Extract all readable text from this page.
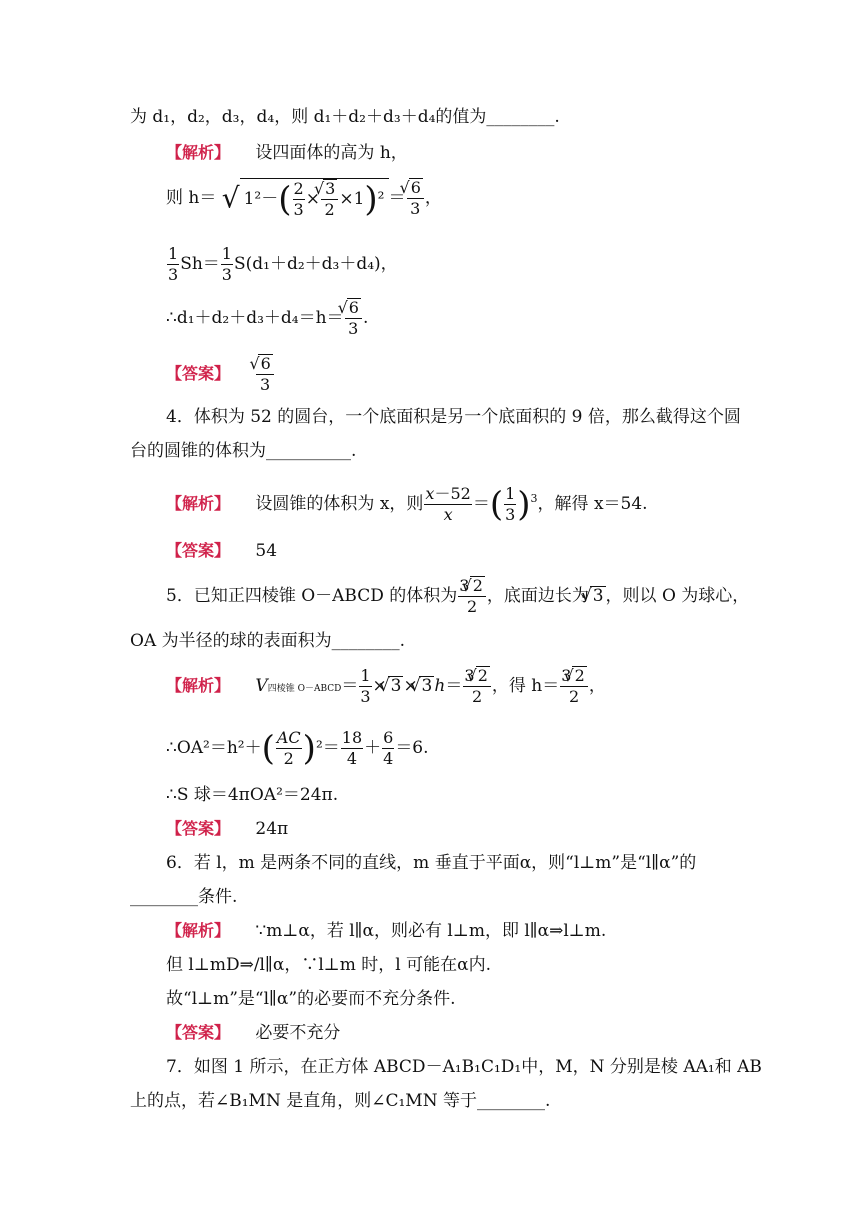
为 d₁，d₂，d₃，d₄，则 d₁＋d₂＋d₃＋d₄的值为________.
【解析】 设四面体的高为 h，
则 h＝ √ $1^2-( \frac{2}{3}$ × √ $\frac{3}{2} \times 1)^2$ ＝ √ $\frac{6}{3}$ ，
$\frac{1}{3} Sh= \frac{1}{3} S(d_1+d_2+d_3+d_4)$，
∴d₁＋d₂＋d₃＋d₄＝h＝ √ $\frac{6}{3}$ .
【答案】 √ $\frac{6}{3}$
4．体积为 52 的圆台，一个底面积是另一个底面积的 9 倍，那么截得这个圆
台的圆锥的体积为__________.
【解析】 设圆锥的体积为 x，则 $\frac{x-52}{x}$ ＝( $\frac{1}{3} )^3$，解得 x＝54.
【答案】 54
5．已知正四棱锥 O－ABCD 的体积为 $\frac{3 √ 2}{2}$ ，底面边长为 √ 3 ，则以 O 为球心，
OA 为半径的球的表面积为________.
【解析】 V四棱锥 O－ABCD＝ $\frac{1}{3}$ × √ 3 × √ 3 $h= \frac{3 √ 2}{2}$ ，得 $h= \frac{3 √ 2}{2}$ ，
∴OA²＝h²＋( $\frac{AC}{2} )^2= \frac{18}{4} + \frac{6}{4} =6$.
∴S 球＝4πOA²＝24π.
【答案】 24π
6．若 l，m 是两条不同的直线，m 垂直于平面α，则“l⊥m”是“l∥α”的
________条件.
【解析】 ∵m⊥α，若 l∥α，则必有 l⊥m，即 l∥α⇒l⊥m.
但 l⊥mD⇒/l∥α，∵l⊥m 时，l 可能在α内.
故“l⊥m”是“l∥α”的必要而不充分条件.
【答案】 必要不充分
7．如图 1 所示，在正方体 ABCD－A₁B₁C₁D₁中，M，N 分别是棱 AA₁和 AB
上的点，若∠B₁MN 是直角，则∠C₁MN 等于________.
